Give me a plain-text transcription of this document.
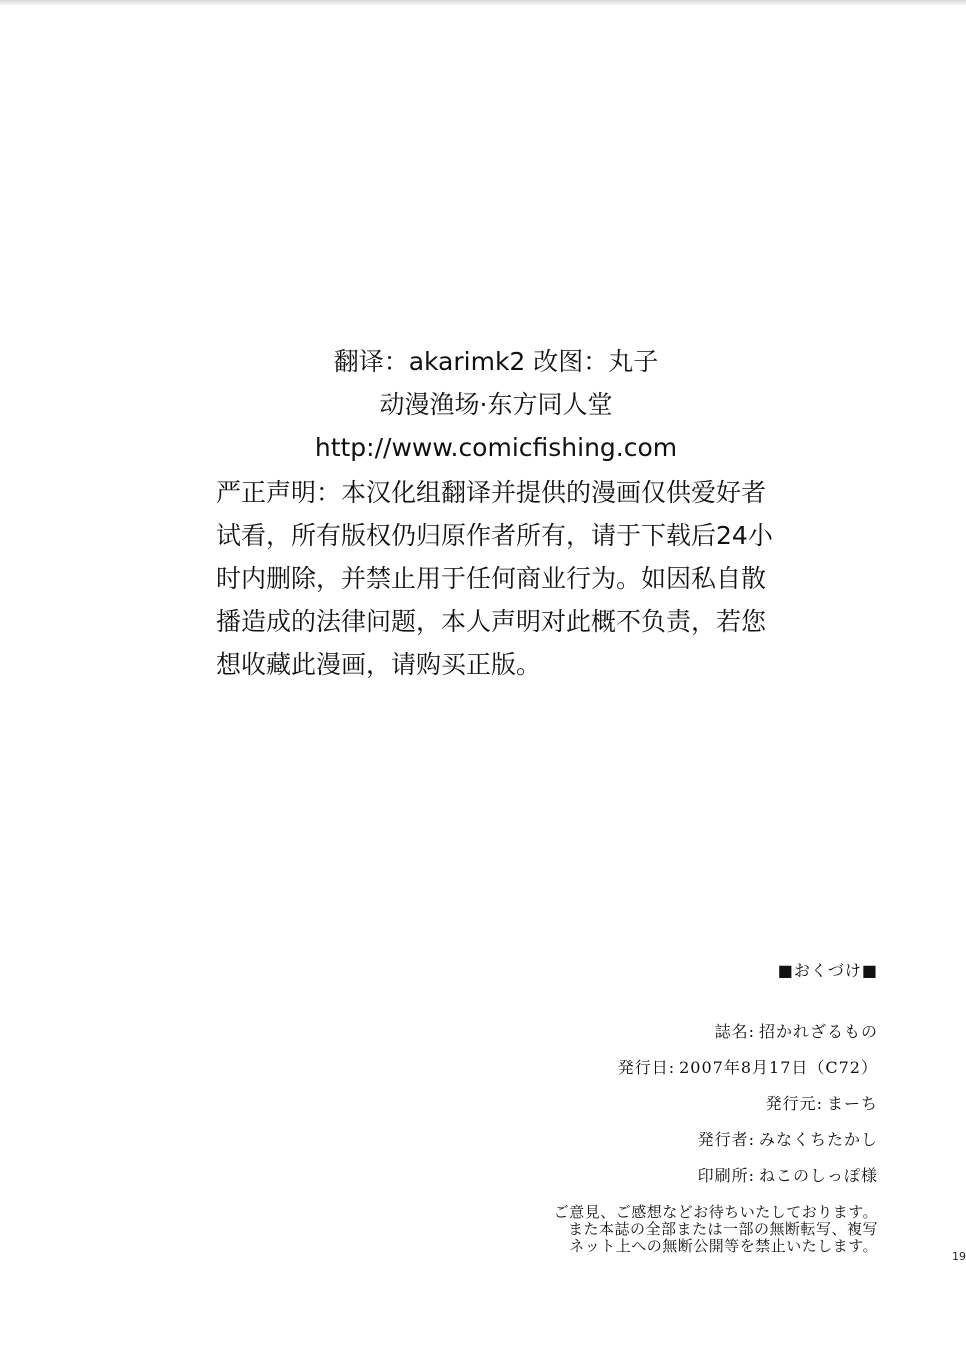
翻译：akarimk2 改图：丸子
动漫渔场·东方同人堂
http://www.comicfishing.com
严正声明：本汉化组翻译并提供的漫画仅供爱好者试看，所有版权仍归原作者所有，请于下载后24小时内删除，并禁止用于任何商业行为。如因私自散播造成的法律问题，本人声明对此概不负责，若您想收藏此漫画，请购买正版。
■おくづけ■
誌名: 招かれざるもの
発行日: 2007年8月17日（C72）
発行元: まーち
発行者: みなくちたかし
印刷所: ねこのしっぽ様
ご意見、ご感想などお待ちいたしております。
また本誌の全部または一部の無断転写、複写
ネット上への無断公開等を禁止いたします。
19
